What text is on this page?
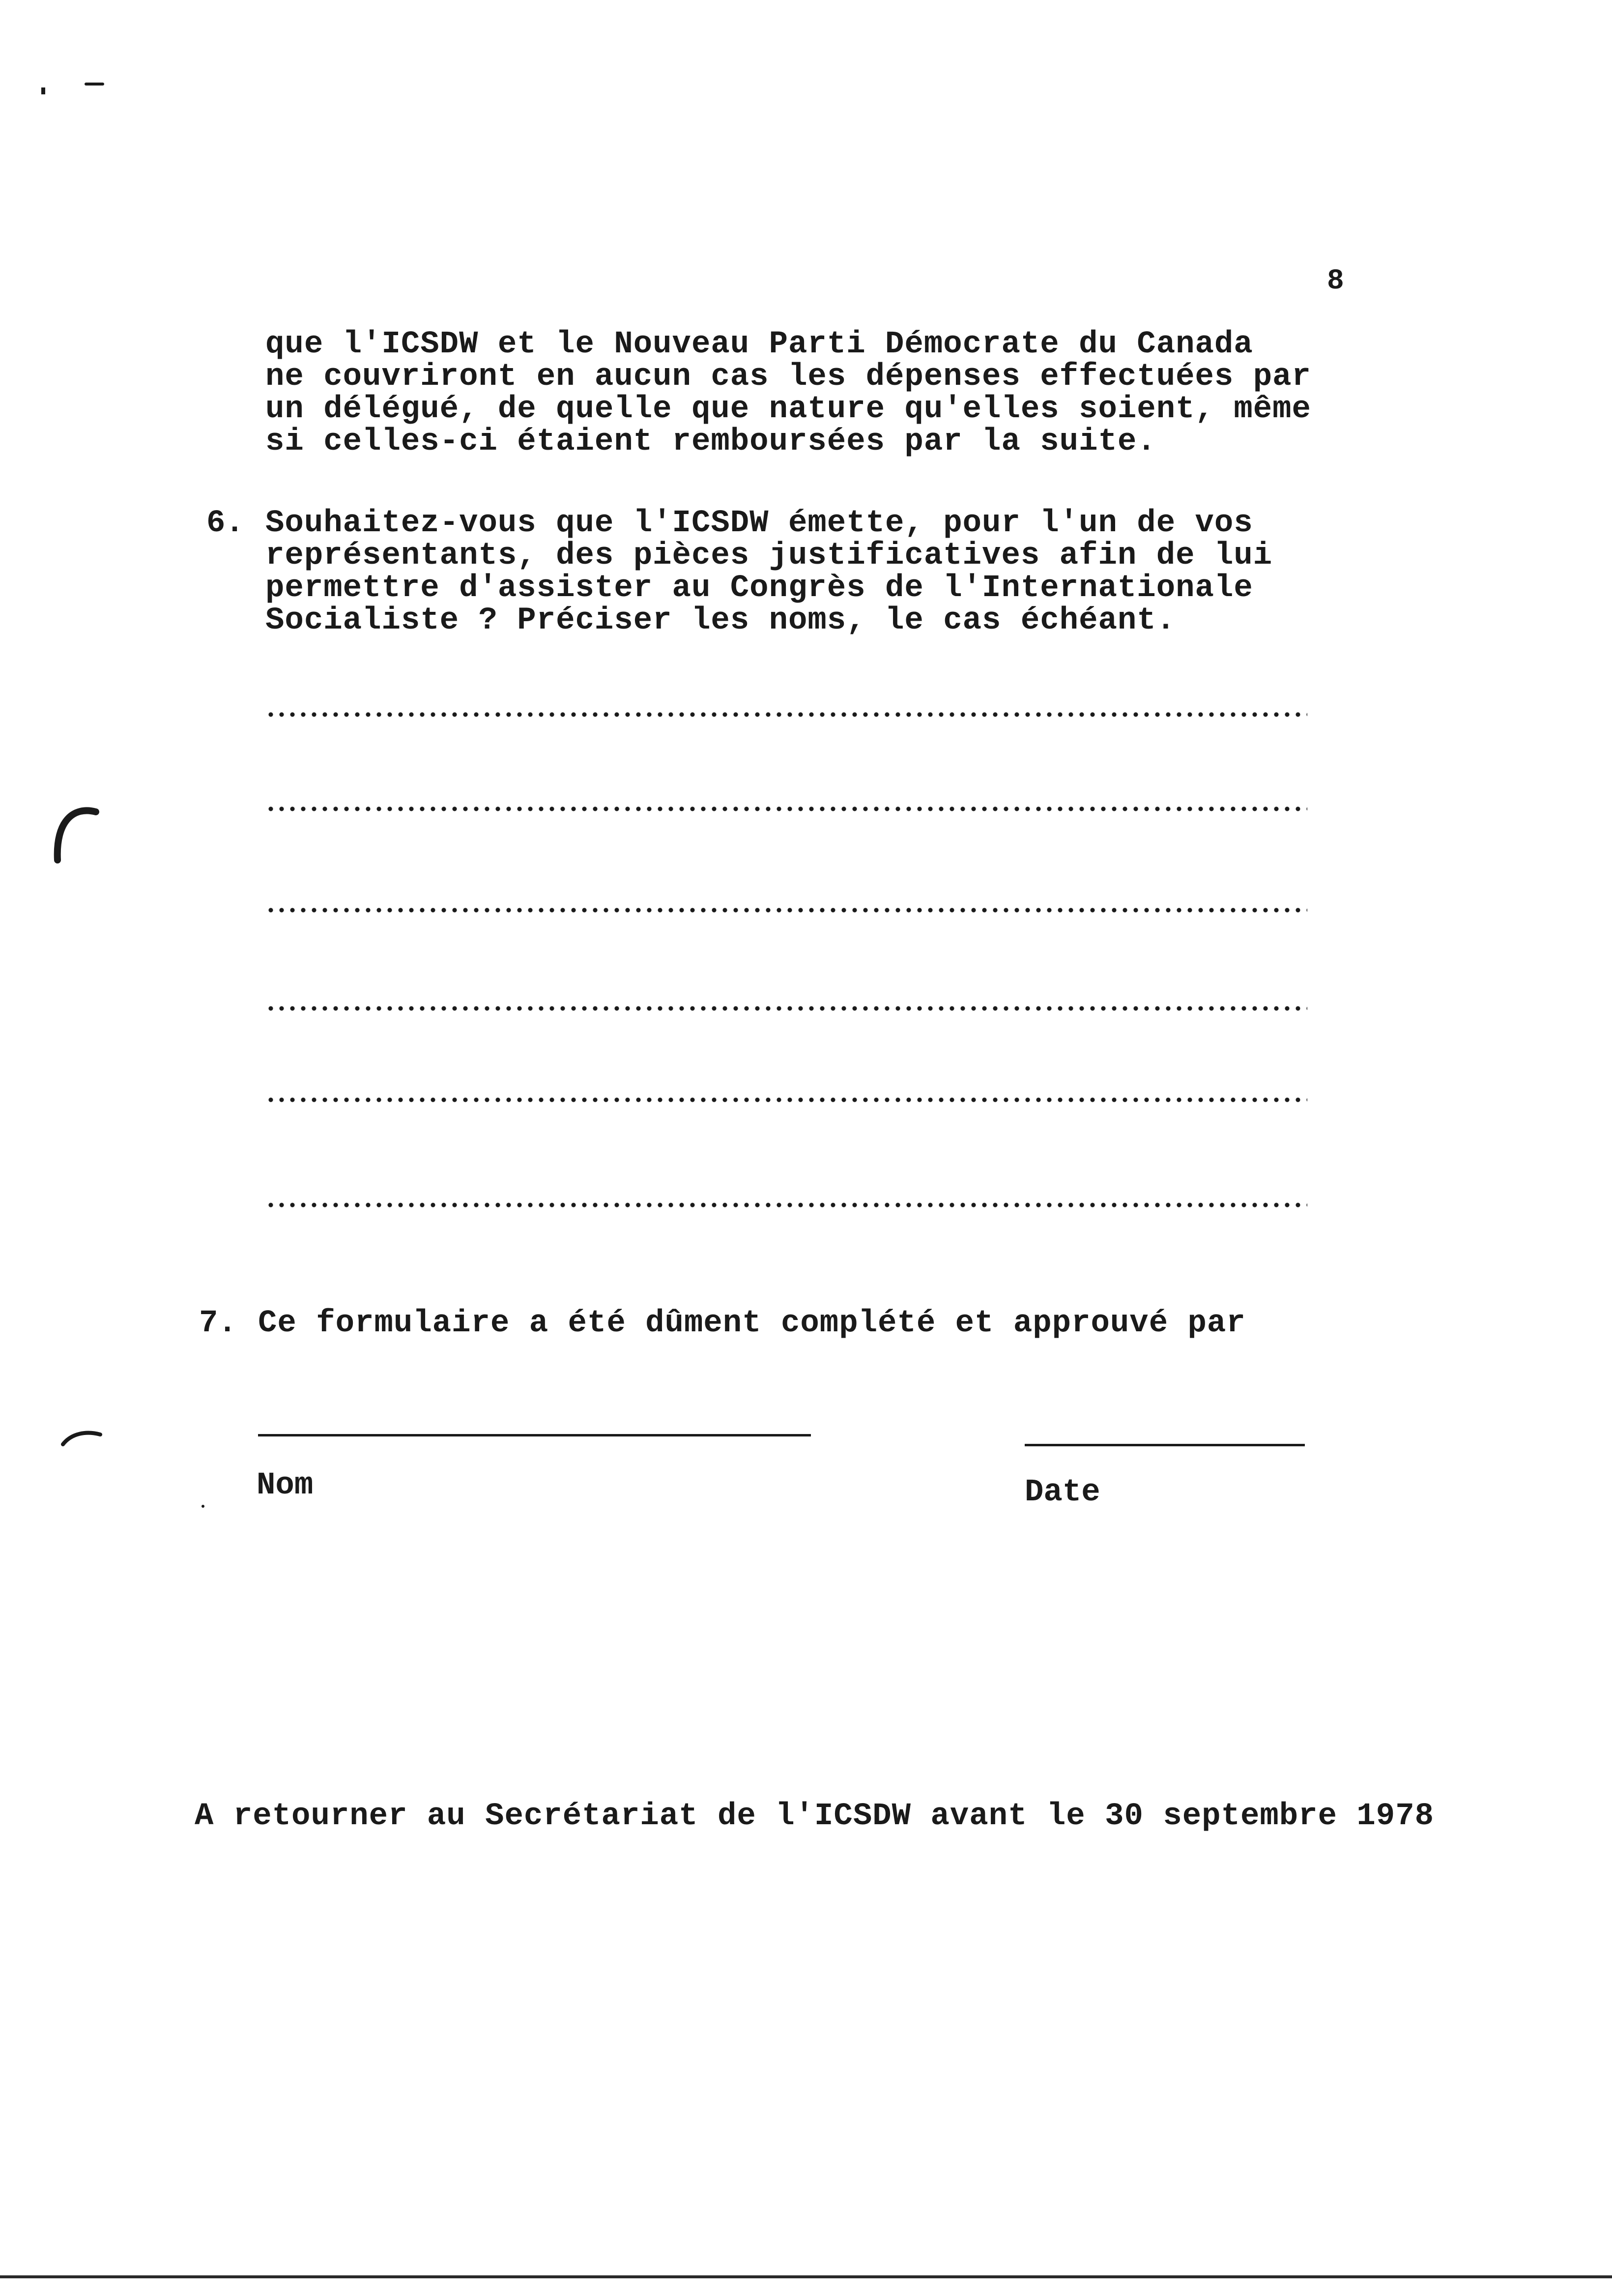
8
que l'ICSDW et le Nouveau Parti Démocrate du Canada
ne couvriront en aucun cas les dépenses effectuées par
un délégué, de quelle que nature qu'elles soient, même
si celles-ci étaient remboursées par la suite.
6. Souhaitez-vous que l'ICSDW émette, pour l'un de vos
représentants, des pièces justificatives afin de lui
permettre d'assister au Congrès de l'Internationale
Socialiste ? Préciser les noms, le cas échéant.
7. Ce formulaire a été dûment complété et approuvé par
Nom	Date
A retourner au Secrétariat de l'ICSDW avant le 30 septembre 1978
